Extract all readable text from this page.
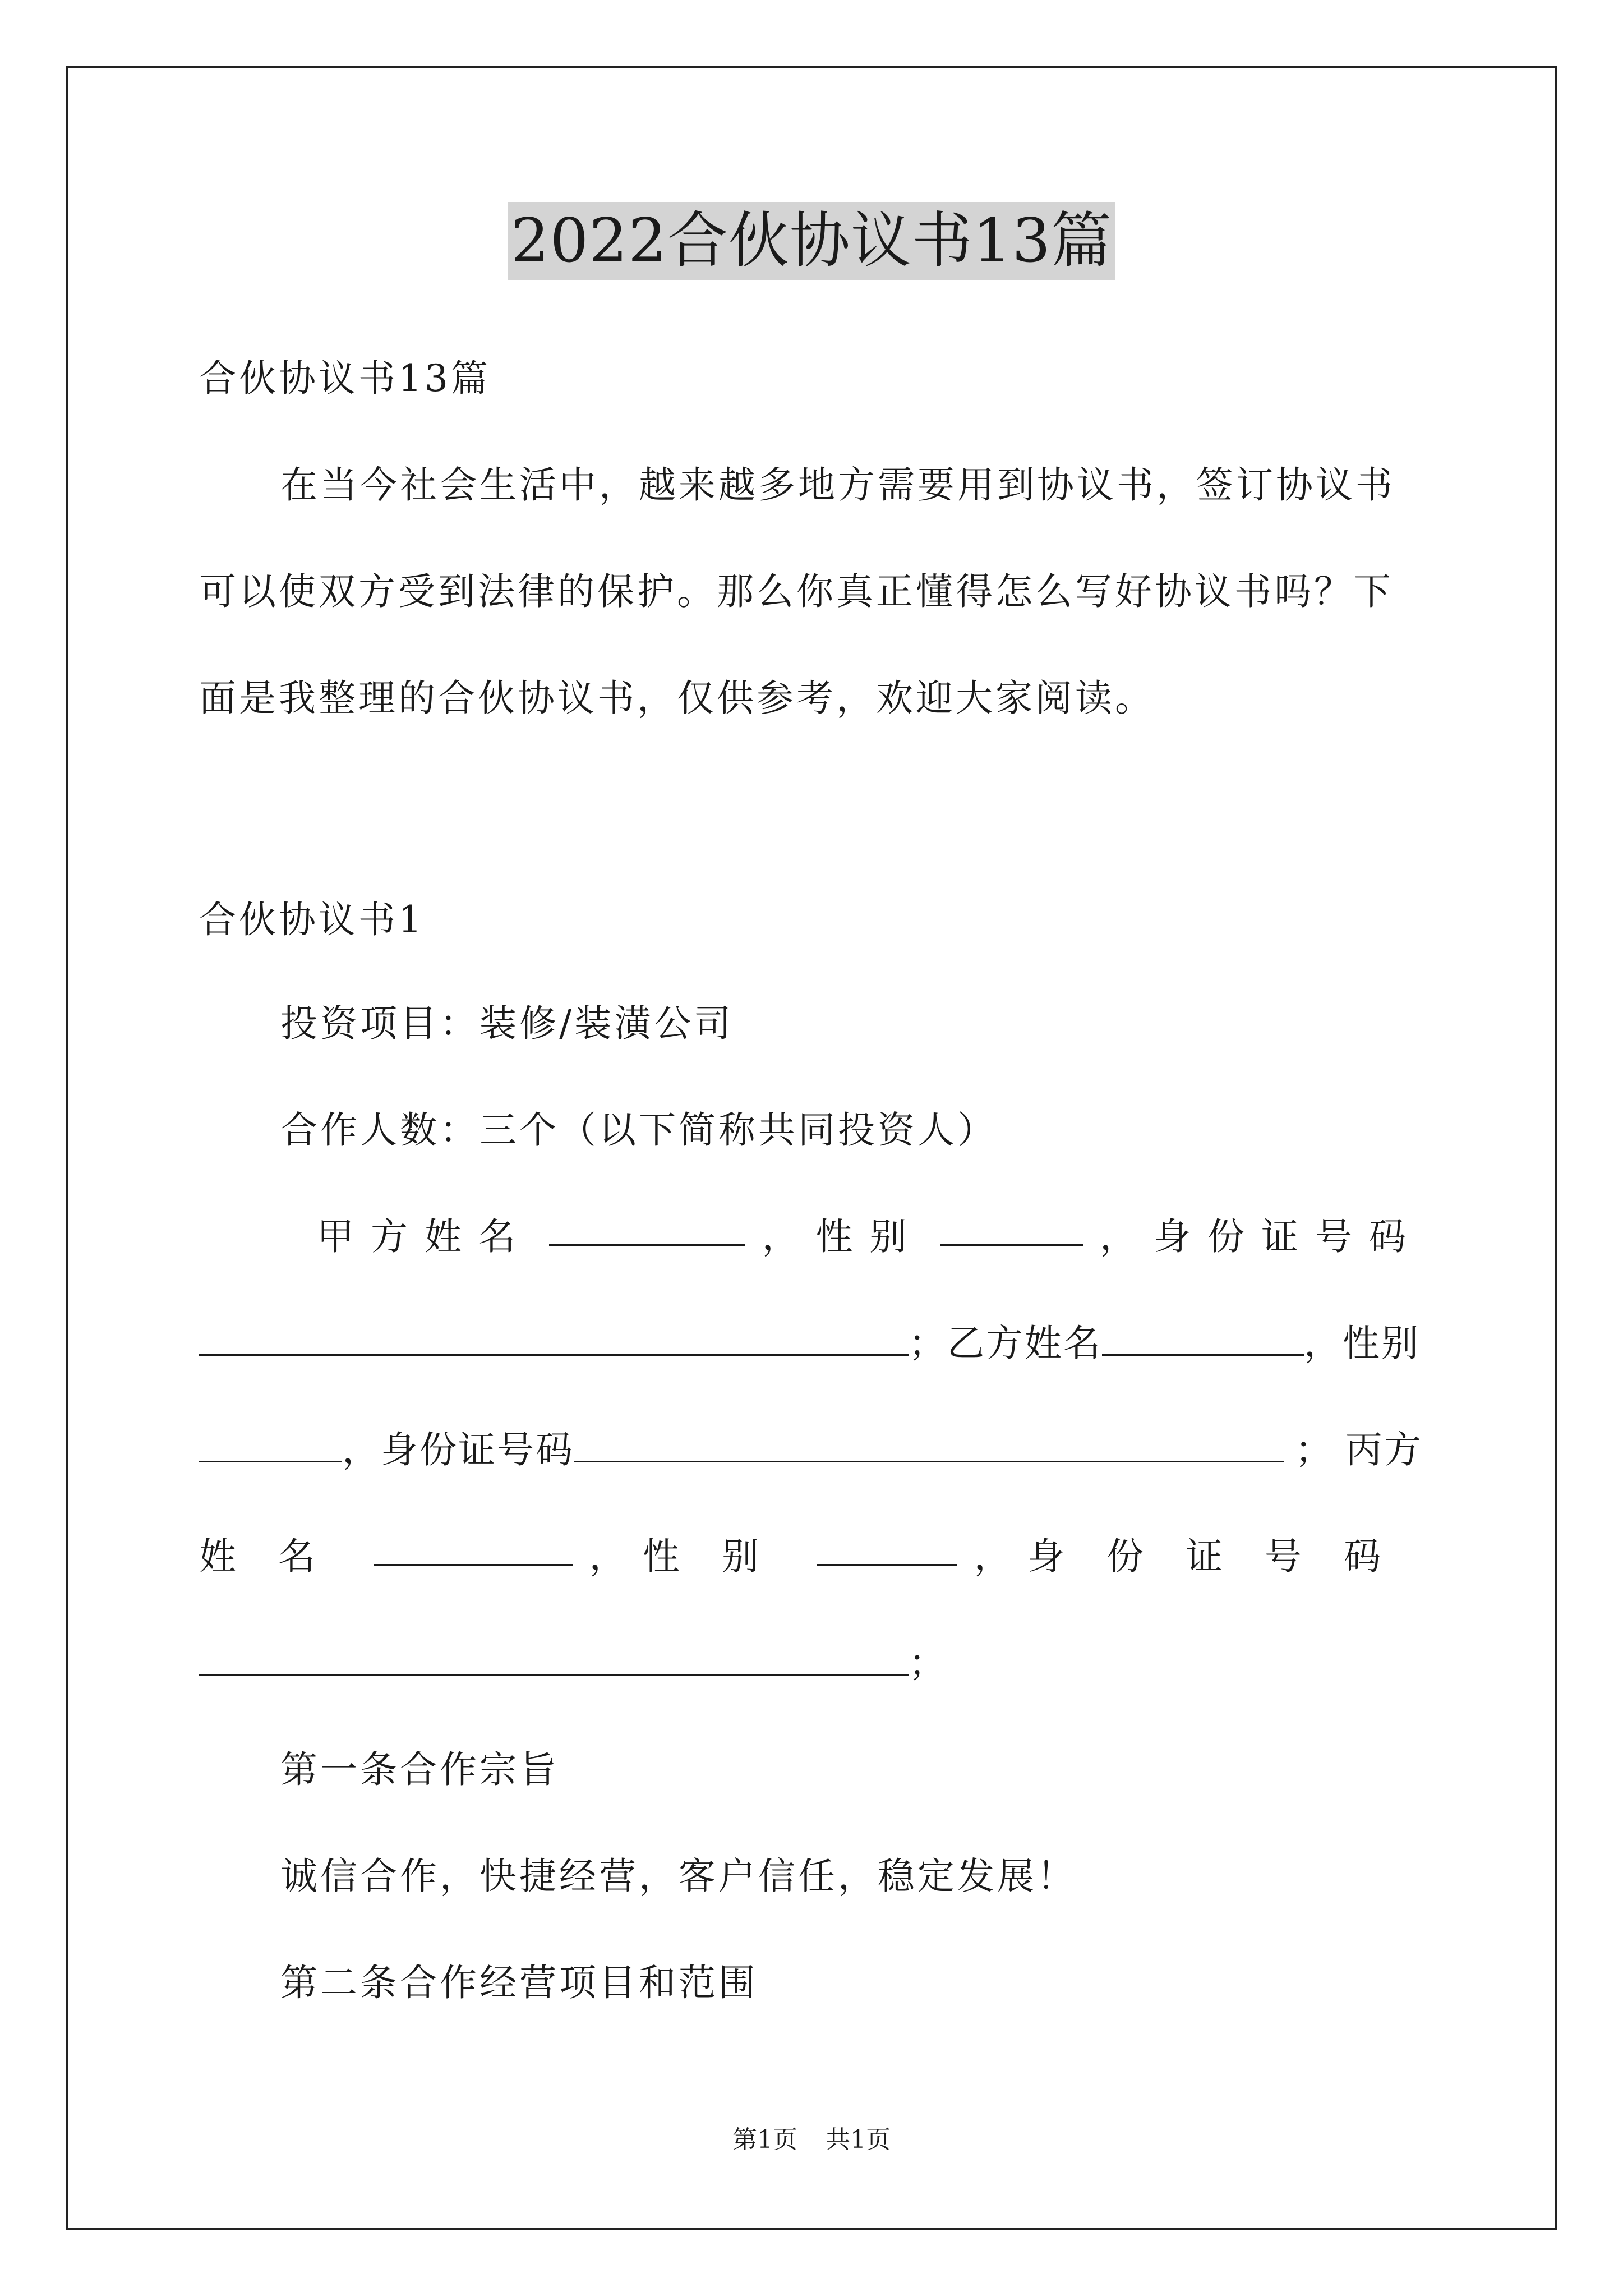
2022合伙协议书13篇
合伙协议书13篇
在当今社会生活中，越来越多地方需要用到协议书，签订协议书
可以使双方受到法律的保护。那么你真正懂得怎么写好协议书吗？下
面是我整理的合伙协议书，仅供参考，欢迎大家阅读。
合伙协议书1
投资项目：装修/装潢公司
合作人数：三个（以下简称共同投资人）
甲方姓名	， 性别	， 身份证号码
； 乙方姓名	， 性别
， 身份证号码	； 丙方
姓名	， 性别	， 身份证号码
；
第一条合作宗旨
诚信合作，快捷经营，客户信任，稳定发展！
第二条合作经营项目和范围
第1页 共1页
